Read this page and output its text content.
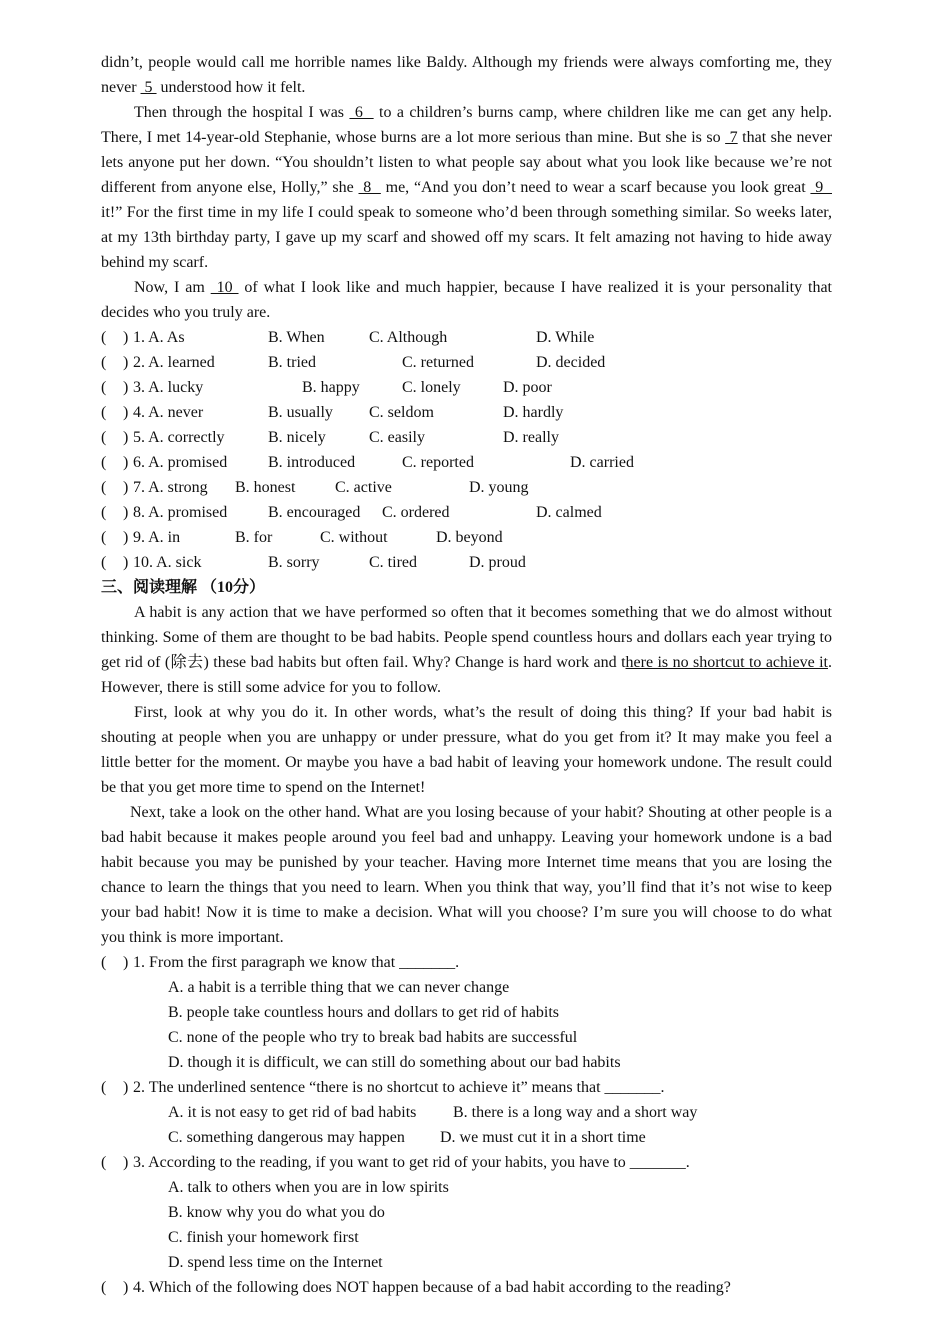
didn’t, people would call me horrible names like Baldy. Although my friends were always comforting me, they never  5  understood how it felt.

Then through the hospital I was  6   to a children’s burns camp, where children like me can get any help. There, I met 14-year-old Stephanie, whose burns are a lot more serious than mine. But she is so  7 that she never lets anyone put her down. “You shouldn’t listen to what people say about what you look like because we’re not different from anyone else, Holly,” she  8   me, “And you don’t need to wear a scarf because you look great  9   it!” For the first time in my life I could speak to someone who’d been through something similar. So weeks later, at my 13th birthday party, I gave up my scarf and showed off my scars. It felt amazing not having to hide away behind my scarf.

Now, I am  10  of what I look like and much happier, because I have realized it is your personality that decides who you truly are.

( ) 1. A. As	B. When	C. Although	D. While
( ) 2. A. learned	B. tried	C. returned	D. decided
( ) 3. A. lucky	B. happy	C. lonely	D. poor
( ) 4. A. never	B. usually C. seldom	D. hardly
( ) 5. A. correctly	B. nicely	C. easily	D. really
( ) 6. A. promised	B. introduced	C. reported	D. carried
( ) 7. A. strong B. honest C. active	D. young
( ) 8. A. promised	B. encouraged C. ordered	D. calmed
( ) 9. A. in	B. for	C. without	D. beyond
( ) 10. A. sick	B. sorry	C. tired	D. proud

三、阅读理解 （10分）

A habit is any action that we have performed so often that it becomes something that we do almost without thinking. Some of them are thought to be bad habits. People spend countless hours and dollars each year trying to get rid of (除去) these bad habits but often fail. Why? Change is hard work and there is no shortcut to achieve it. However, there is still some advice for you to follow.

First, look at why you do it. In other words, what’s the result of doing this thing? If your bad habit is shouting at people when you are unhappy or under pressure, what do you get from it? It may make you feel a little better for the moment. Or maybe you have a bad habit of leaving your homework undone. The result could be that you get more time to spend on the Internet!

Next, take a look on the other hand. What are you losing because of your habit? Shouting at other people is a bad habit because it makes people around you feel bad and unhappy. Leaving your homework undone is a bad habit because you may be punished by your teacher. Having more Internet time means that you are losing the chance to learn the things that you need to learn. When you think that way, you’ll find that it’s not wise to keep your bad habit! Now it is time to make a decision. What will you choose? I’m sure you will choose to do what you think is more important.

( ) 1. From the first paragraph we know that _______.
A. a habit is a terrible thing that we can never change
B. people take countless hours and dollars to get rid of habits
C. none of the people who try to break bad habits are successful
D. though it is difficult, we can still do something about our bad habits
( ) 2. The underlined sentence “there is no shortcut to achieve it” means that _______.
A. it is not easy to get rid of bad habits B. there is a long way and a short way
C. something dangerous may happen D. we must cut it in a short time
( ) 3. According to the reading, if you want to get rid of your habits, you have to _______.
A. talk to others when you are in low spirits
B. know why you do what you do
C. finish your homework first
D. spend less time on the Internet
( ) 4. Which of the following does NOT happen because of a bad habit according to the reading?
